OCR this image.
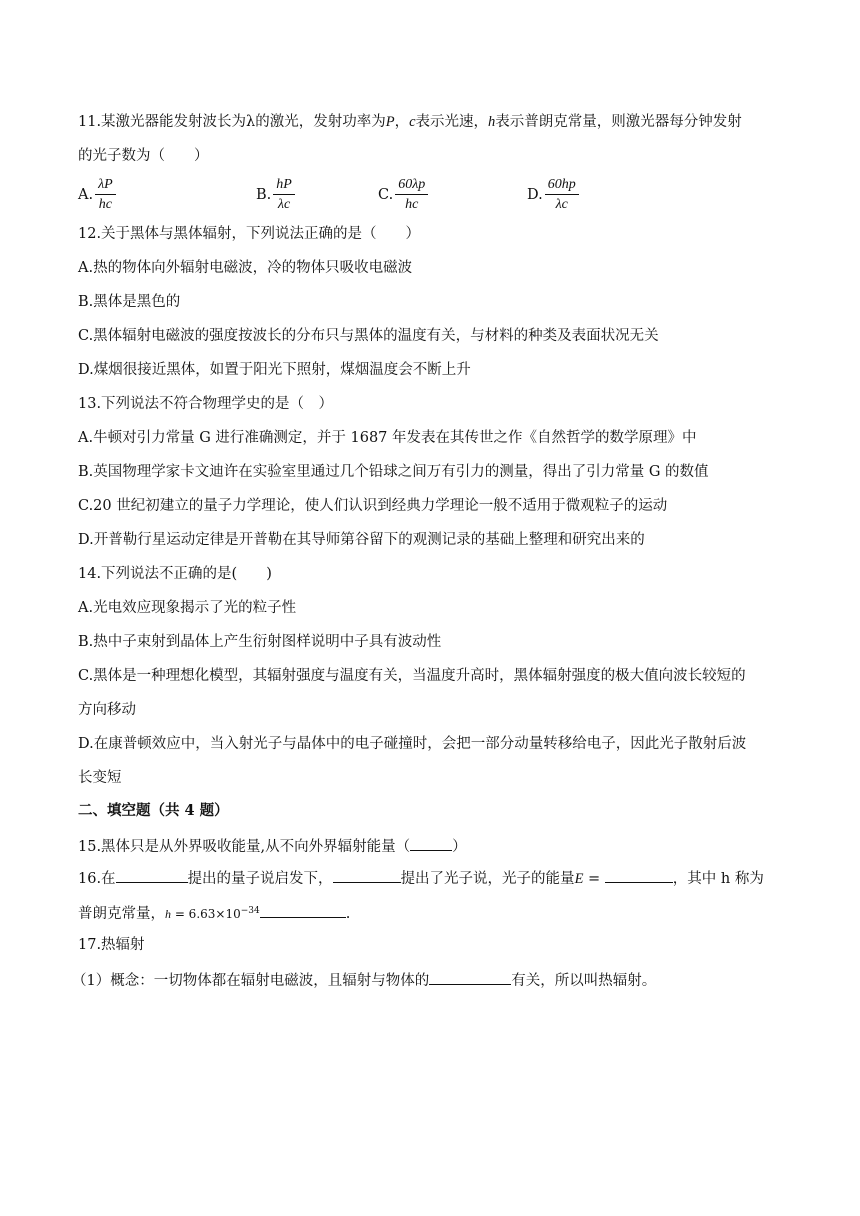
11.某激光器能发射波长为λ的激光，发射功率为P，c表示光速，h表示普朗克常量，则激光器每分钟发射

的光子数为（　　）

A. $\frac{\lambda P}{hc}$	B. $\frac{hP}{\lambda c}$	C. $\frac{60\lambda p}{hc}$	D. $\frac{60hp}{\lambda c}$

12.关于黑体与黑体辐射，下列说法正确的是（　　）

A.热的物体向外辐射电磁波，冷的物体只吸收电磁波

B.黑体是黑色的

C.黑体辐射电磁波的强度按波长的分布只与黑体的温度有关，与材料的种类及表面状况无关

D.煤烟很接近黑体，如置于阳光下照射，煤烟温度会不断上升

13.下列说法不符合物理学史的是（　）

A.牛顿对引力常量 G 进行准确测定，并于 1687 年发表在其传世之作《自然哲学的数学原理》中

B.英国物理学家卡文迪许在实验室里通过几个铅球之间万有引力的测量，得出了引力常量 G 的数值

C.20 世纪初建立的量子力学理论，使人们认识到经典力学理论一般不适用于微观粒子的运动

D.开普勒行星运动定律是开普勒在其导师第谷留下的观测记录的基础上整理和研究出来的

14.下列说法不正确的是(　　)

A.光电效应现象揭示了光的粒子性

B.热中子束射到晶体上产生衍射图样说明中子具有波动性

C.黑体是一种理想化模型，其辐射强度与温度有关，当温度升高时，黑体辐射强度的极大值向波长较短的

方向移动

D.在康普顿效应中，当入射光子与晶体中的电子碰撞时，会把一部分动量转移给电子，因此光子散射后波

长变短

二、填空题（共 4 题）

15.黑体只是从外界吸收能量,从不向外界辐射能量（	）

16.在	提出的量子说启发下，	提出了光子说，光子的能量E =	，其中 h 称为

普朗克常量，$h = 6.63\times 10^{-34}$	.

17.热辐射

（1）概念：一切物体都在辐射电磁波，且辐射与物体的	有关，所以叫热辐射。
